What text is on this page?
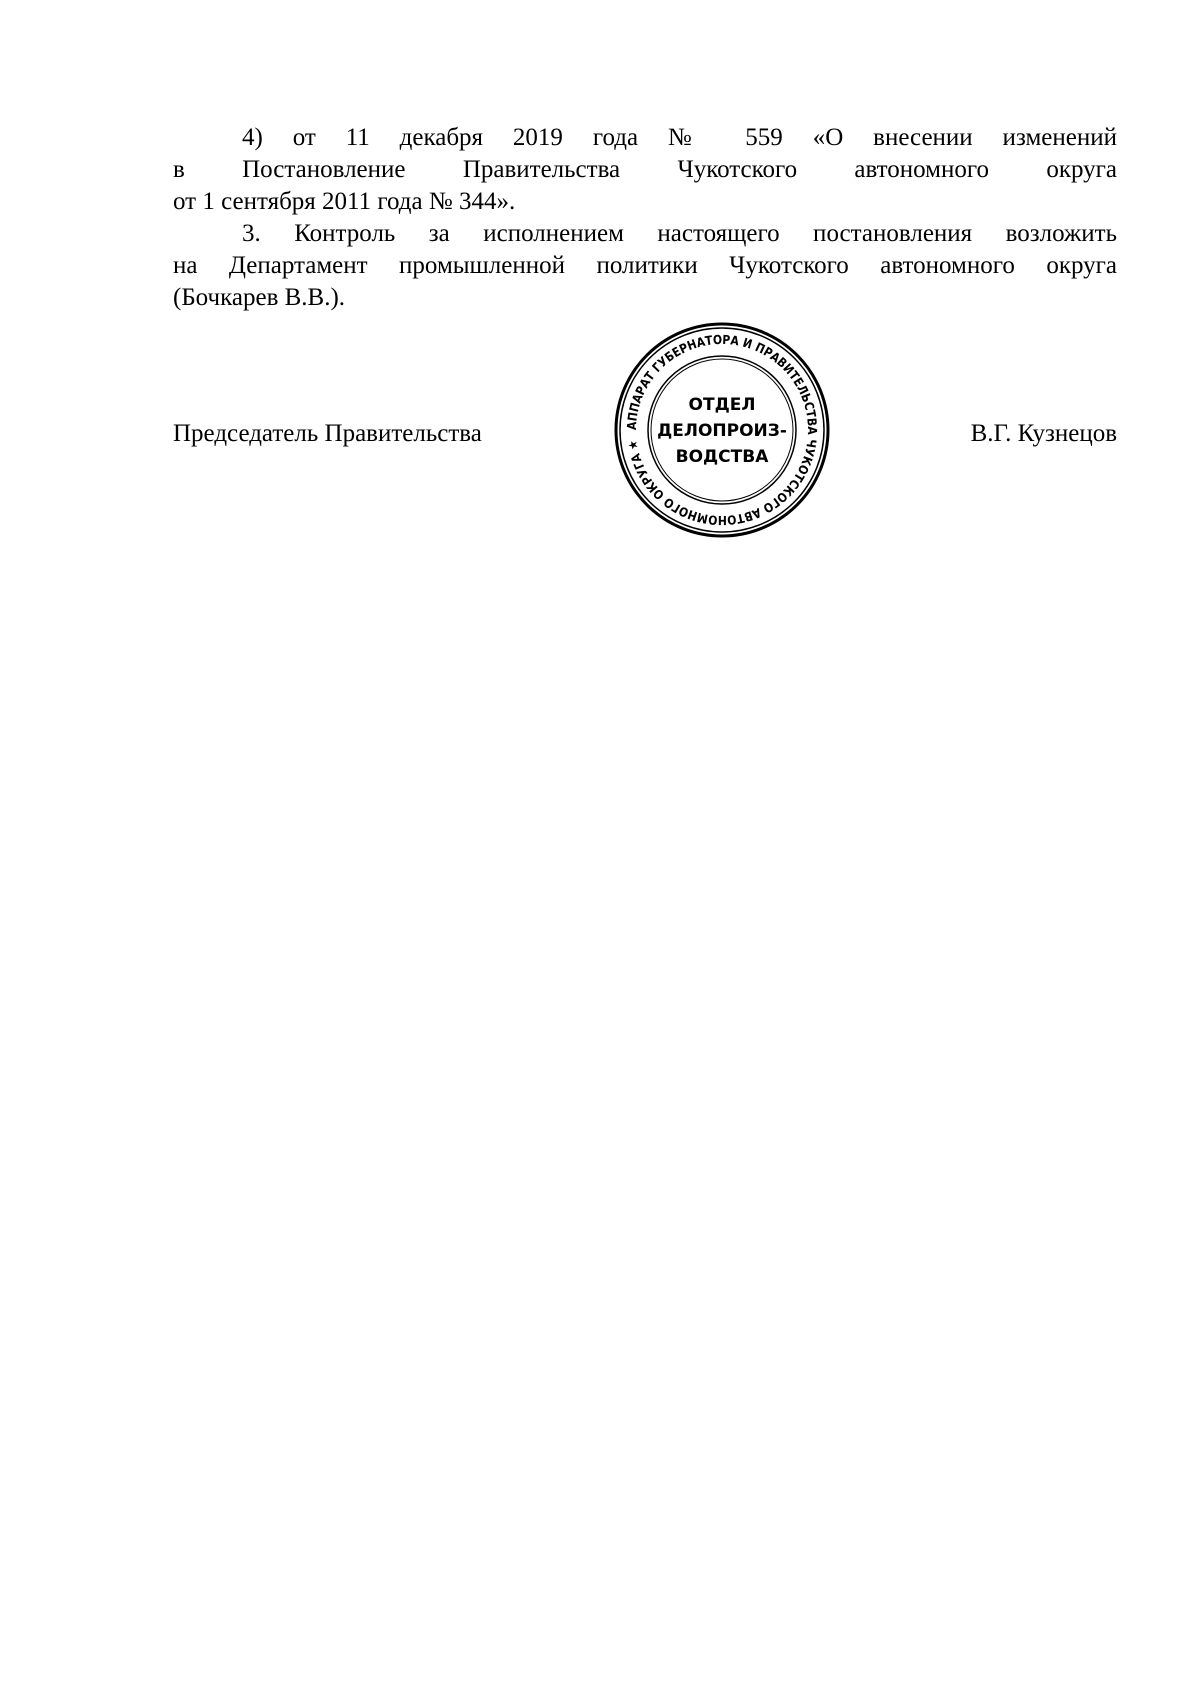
4) от 11 декабря 2019 года № 559 «О внесении изменений
в Постановление Правительства Чукотского автономного округа
от 1 сентября 2011 года № 344».

3. Контроль за исполнением настоящего постановления возложить
на Департамент промышленной политики Чукотского автономного округа
(Бочкарев В.В.).

Председатель Правительства	В.Г. Кузнецов
АППАРАТ ГУБЕРНАТОРА И ПРАВИТЕЛЬСТВА ЧУКОТСКОГО АВТОНОМНОГО ОКРУГА ★
ОТДЕЛ
ДЕЛОПРОИЗ-
ВОДСТВА
